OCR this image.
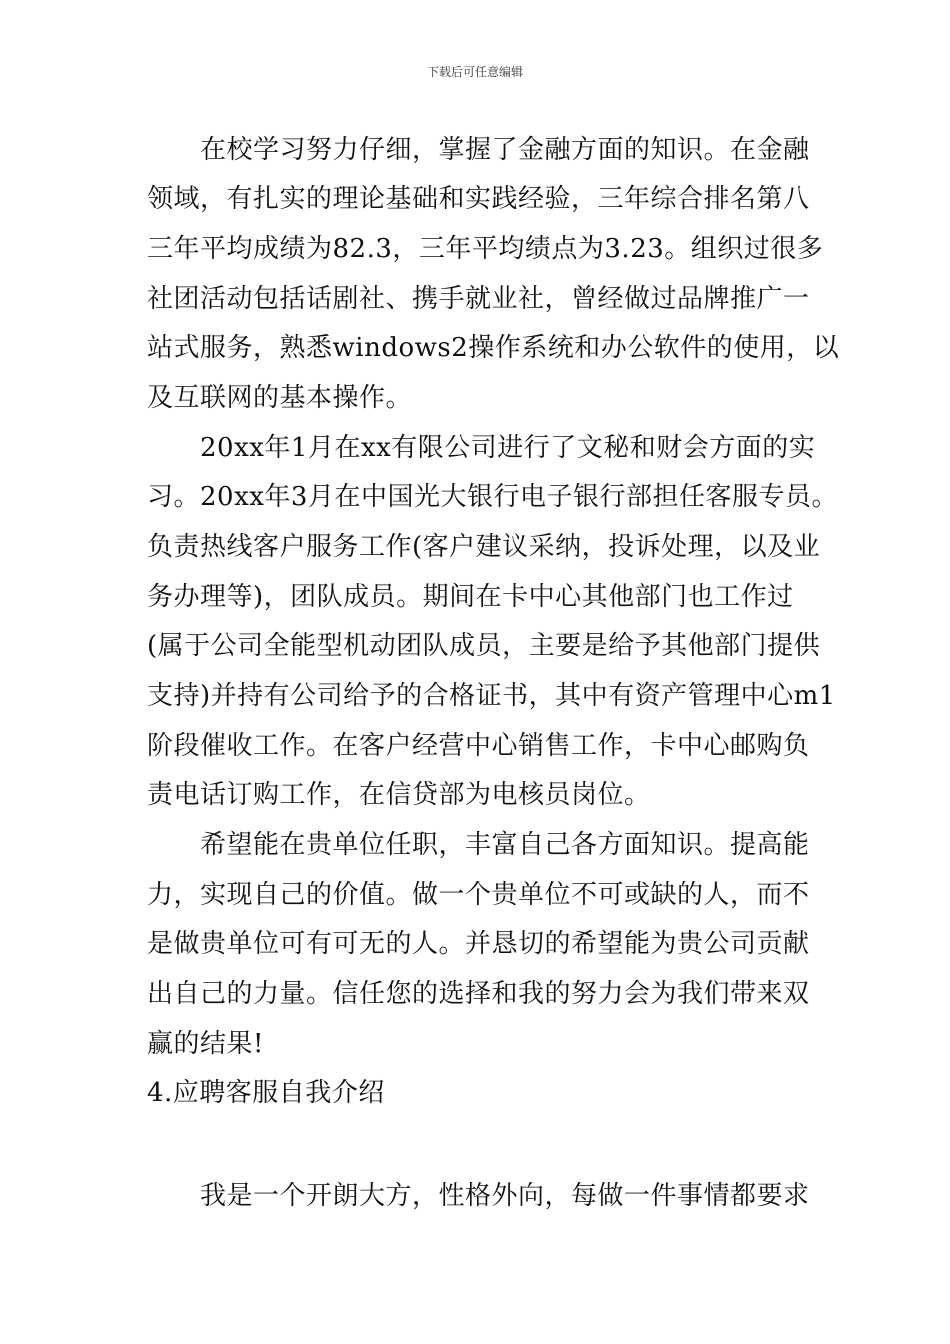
下载后可任意编辑
　　在校学习努力仔细，掌握了金融方面的知识。在金融
领域，有扎实的理论基础和实践经验，三年综合排名第八
三年平均成绩为82.3，三年平均绩点为3.23。组织过很多
社团活动包括话剧社、携手就业社，曾经做过品牌推广一
站式服务，熟悉windows2操作系统和办公软件的使用，以
及互联网的基本操作。
　　20xx年1月在xx有限公司进行了文秘和财会方面的实
习。20xx年3月在中国光大银行电子银行部担任客服专员。
负责热线客户服务工作(客户建议采纳，投诉处理，以及业
务办理等)，团队成员。期间在卡中心其他部门也工作过
(属于公司全能型机动团队成员，主要是给予其他部门提供
支持)并持有公司给予的合格证书，其中有资产管理中心m1
阶段催收工作。在客户经营中心销售工作，卡中心邮购负
责电话订购工作，在信贷部为电核员岗位。
　　希望能在贵单位任职，丰富自己各方面知识。提高能
力，实现自己的价值。做一个贵单位不可或缺的人，而不
是做贵单位可有可无的人。并恳切的希望能为贵公司贡献
出自己的力量。信任您的选择和我的努力会为我们带来双
赢的结果!
4.应聘客服自我介绍
　　我是一个开朗大方，性格外向，每做一件事情都要求
